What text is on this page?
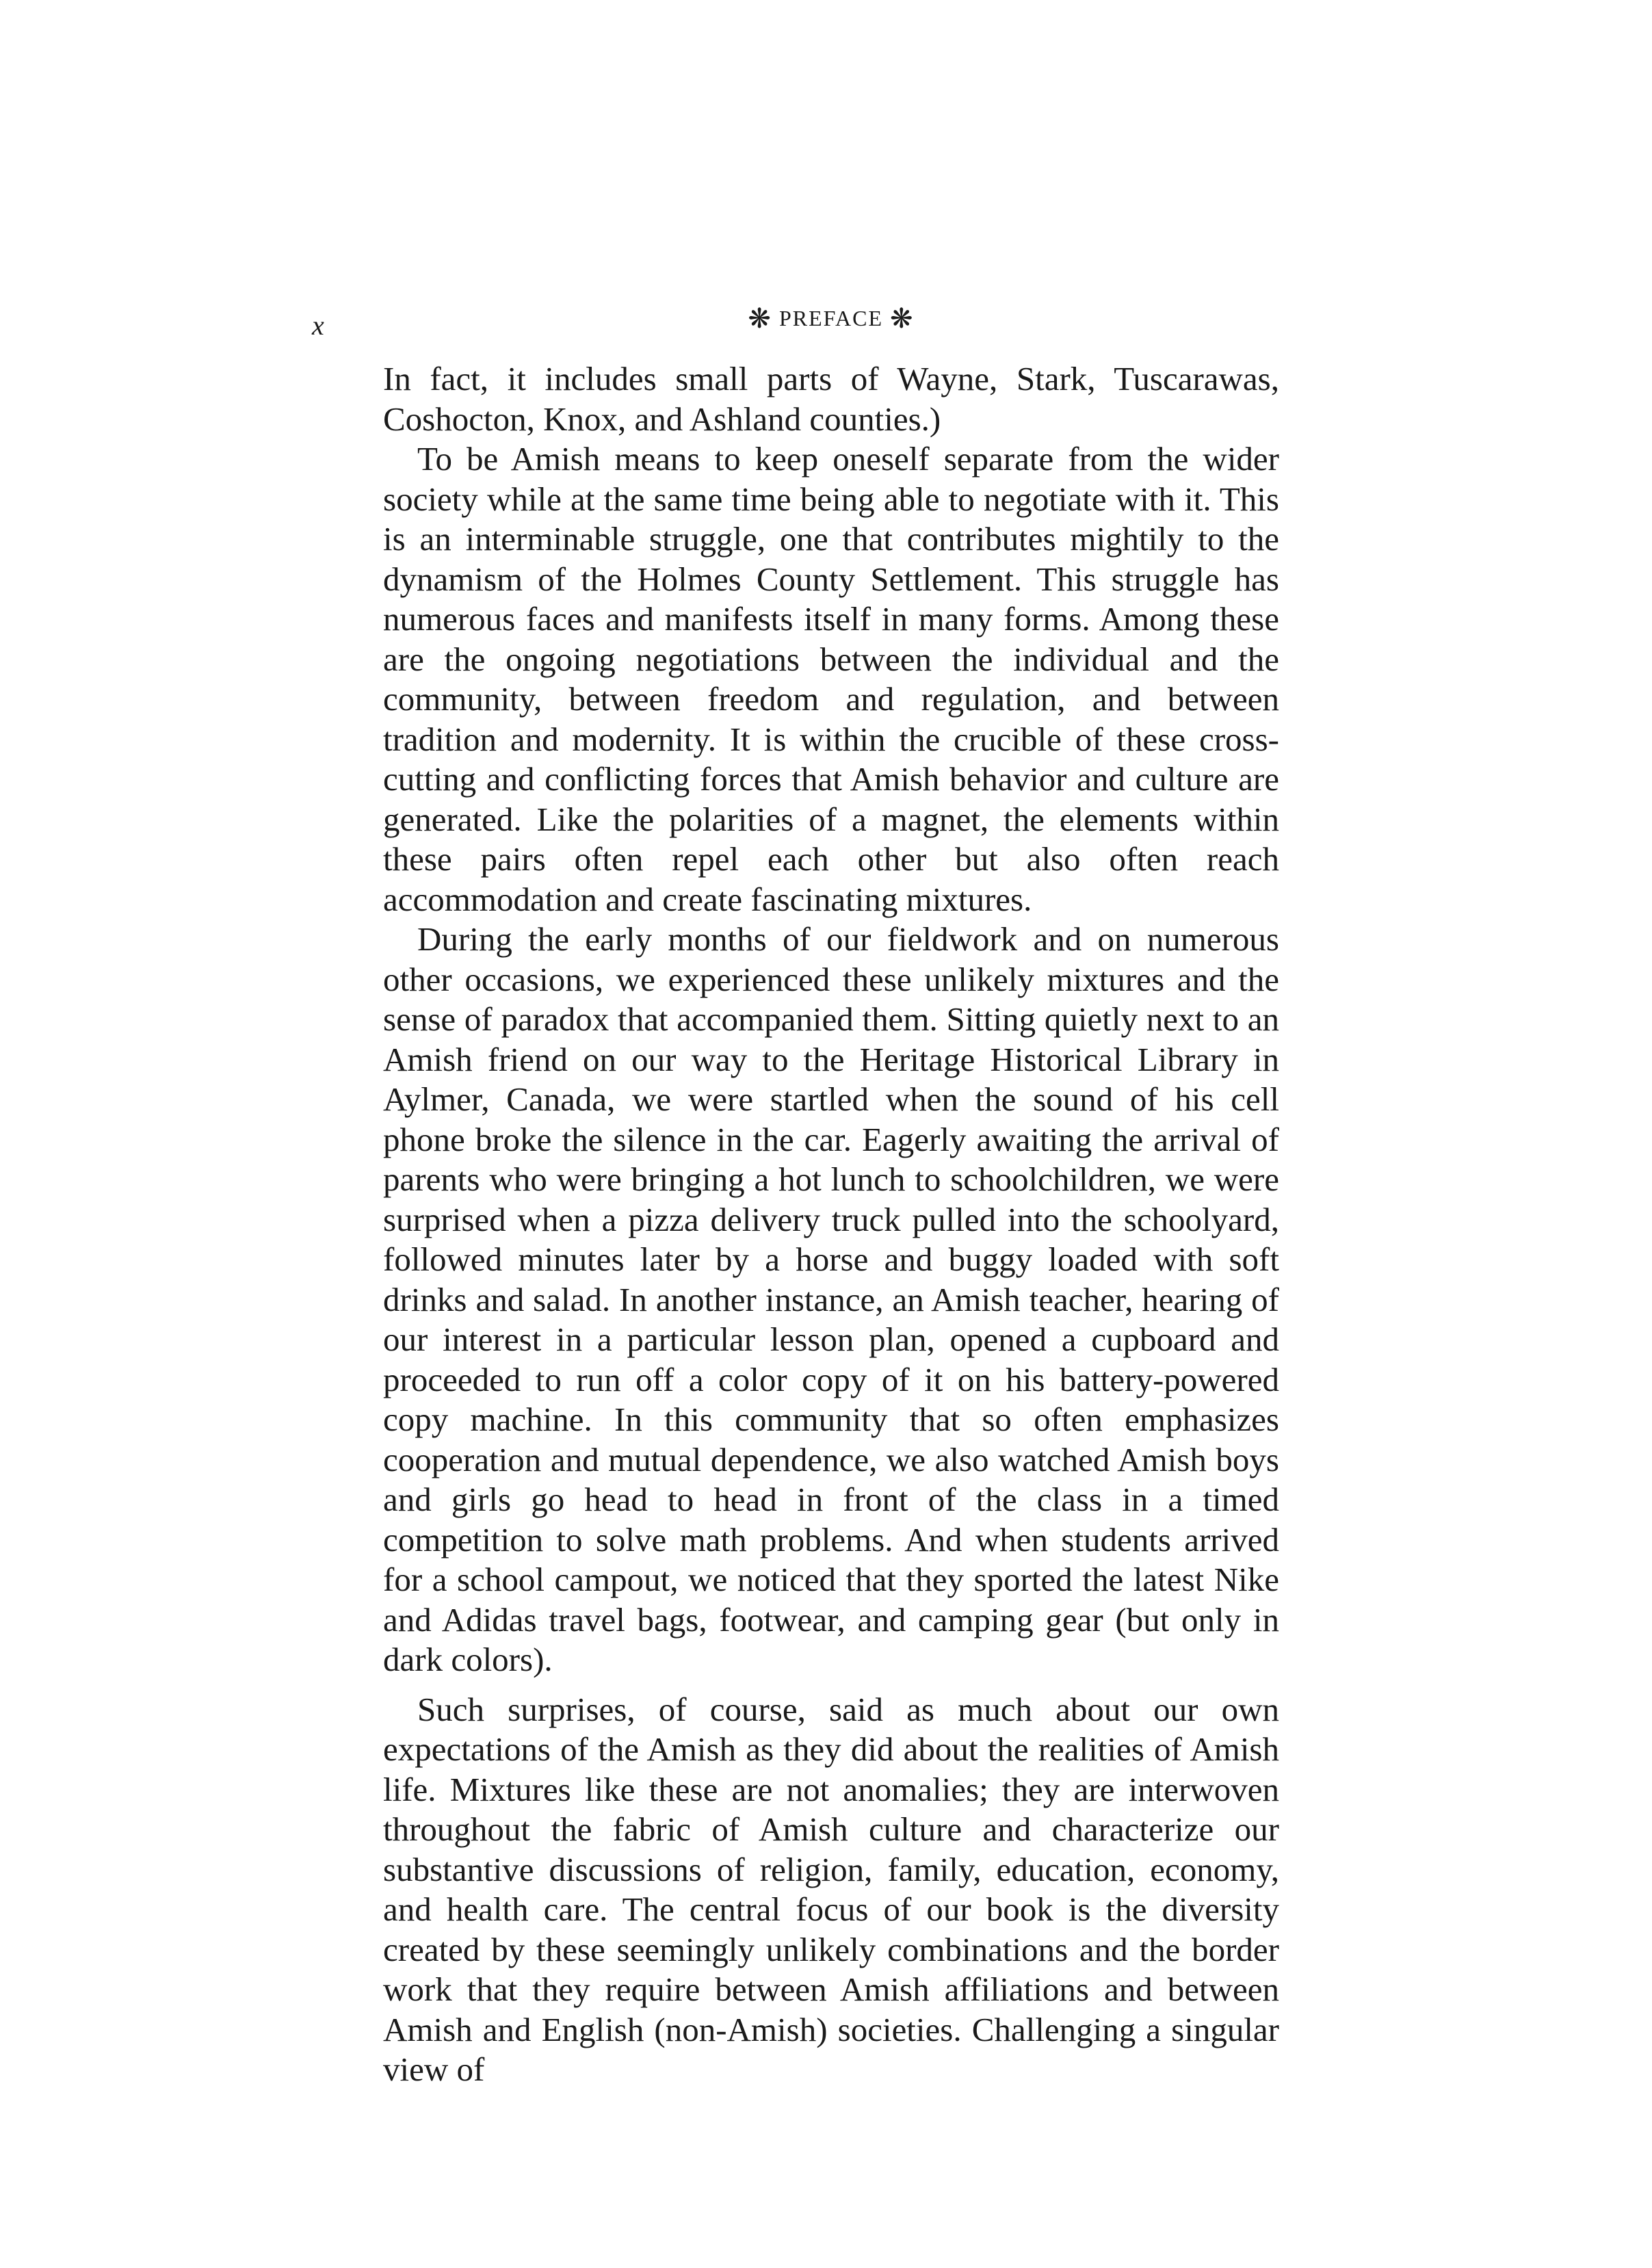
x	❋ PREFACE ❋

In fact, it includes small parts of Wayne, Stark, Tuscarawas, Coshocton, Knox, and Ashland counties.)

To be Amish means to keep oneself separate from the wider society while at the same time being able to negotiate with it. This is an interminable struggle, one that contributes mightily to the dynamism of the Holmes County Settlement. This struggle has numerous faces and manifests itself in many forms. Among these are the ongoing negotiations between the individual and the community, between freedom and regulation, and between tradition and modernity. It is within the crucible of these cross-cutting and conflicting forces that Amish behavior and culture are generated. Like the polarities of a magnet, the elements within these pairs often repel each other but also often reach accommodation and create fascinating mixtures.

During the early months of our fieldwork and on numerous other occasions, we experienced these unlikely mixtures and the sense of paradox that accompanied them. Sitting quietly next to an Amish friend on our way to the Heritage Historical Library in Aylmer, Canada, we were startled when the sound of his cell phone broke the silence in the car. Eagerly awaiting the arrival of parents who were bringing a hot lunch to schoolchildren, we were surprised when a pizza delivery truck pulled into the schoolyard, followed minutes later by a horse and buggy loaded with soft drinks and salad. In another instance, an Amish teacher, hearing of our interest in a particular lesson plan, opened a cupboard and proceeded to run off a color copy of it on his battery-powered copy machine. In this community that so often emphasizes cooperation and mutual dependence, we also watched Amish boys and girls go head to head in front of the class in a timed competition to solve math problems. And when students arrived for a school campout, we noticed that they sported the latest Nike and Adidas travel bags, footwear, and camping gear (but only in dark colors).

Such surprises, of course, said as much about our own expectations of the Amish as they did about the realities of Amish life. Mixtures like these are not anomalies; they are interwoven throughout the fabric of Amish culture and characterize our substantive discussions of religion, family, education, economy, and health care. The central focus of our book is the diversity created by these seemingly unlikely combinations and the border work that they require between Amish affiliations and between Amish and English (non-Amish) societies. Challenging a singular view of
